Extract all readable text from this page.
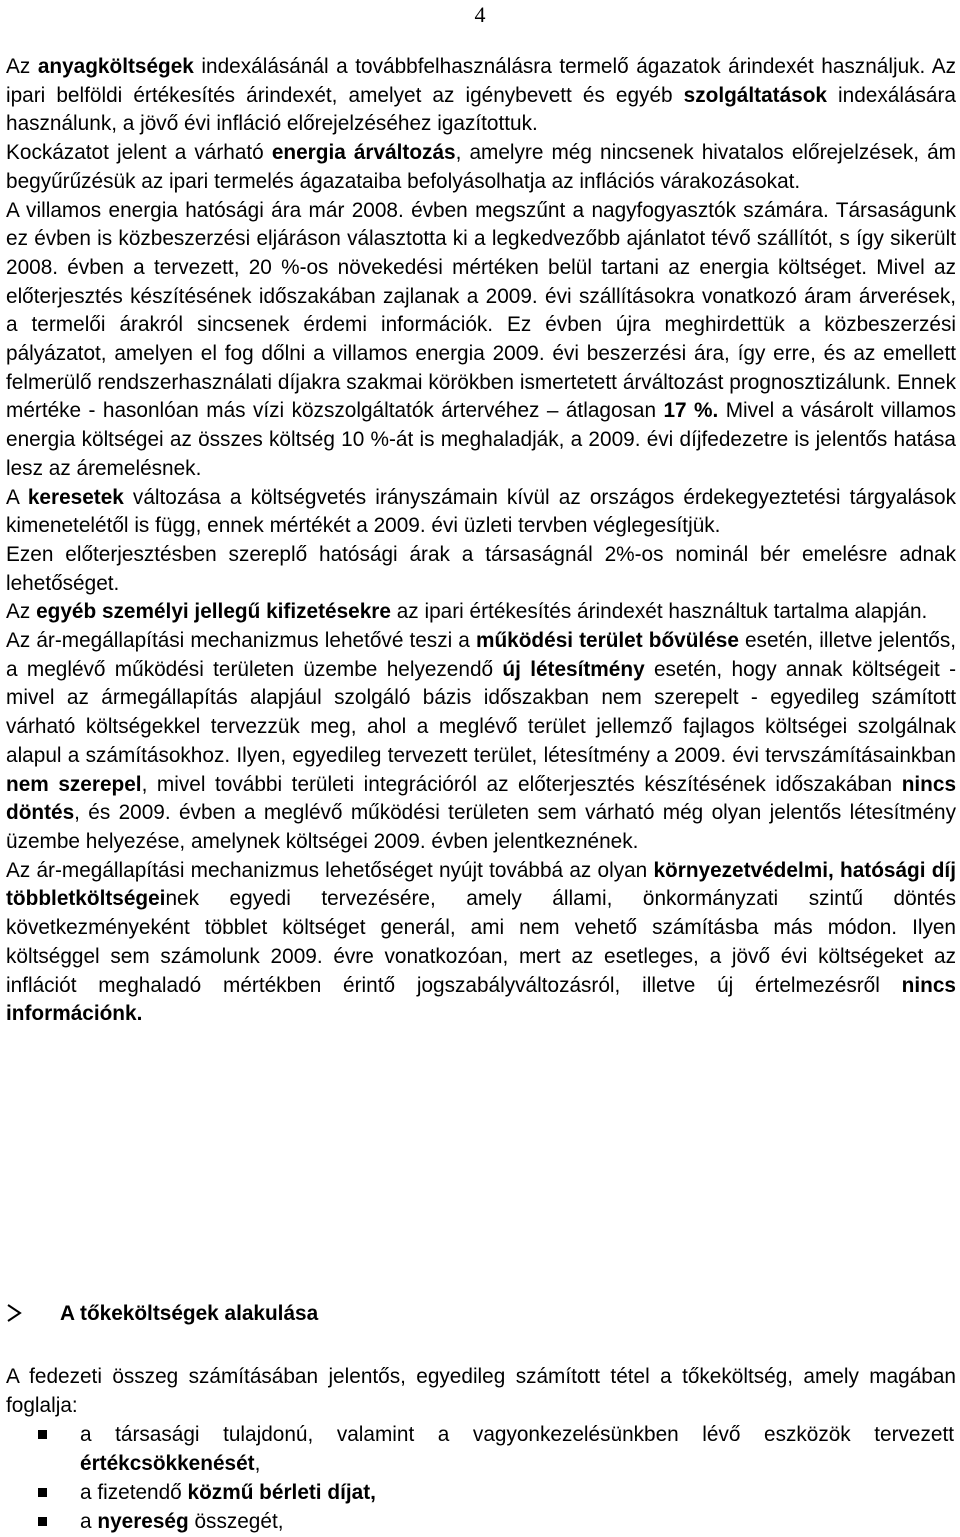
4

Az anyagköltségek indexálásánál a továbbfelhasználásra termelő ágazatok árindexét használjuk. Az ipari belföldi értékesítés árindexét, amelyet az igénybevett és egyéb szolgáltatások indexálására használunk, a jövő évi infláció előrejelzéséhez igazítottuk.

Kockázatot jelent a várható energia árváltozás, amelyre még nincsenek hivatalos előrejelzések, ám begyűrűzésük az ipari termelés ágazataiba befolyásolhatja az inflációs várakozásokat.

A villamos energia hatósági ára már 2008. évben megszűnt a nagyfogyasztók számára. Társaságunk ez évben is közbeszerzési eljáráson választotta ki a legkedvezőbb ajánlatot tévő szállítót, s így sikerült 2008. évben a tervezett, 20 %-os növekedési mértéken belül tartani az energia költséget. Mivel az előterjesztés készítésének időszakában zajlanak a 2009. évi szállításokra vonatkozó áram árverések, a termelői árakról sincsenek érdemi információk. Ez évben újra meghirdettük a közbeszerzési pályázatot, amelyen el fog dőlni a villamos energia 2009. évi beszerzési ára, így erre, és az emellett felmerülő rendszerhasználati díjakra szakmai körökben ismertetett árváltozást prognosztizálunk. Ennek mértéke - hasonlóan más vízi közszolgáltatók ártervéhez – átlagosan 17 %. Mivel a vásárolt villamos energia költségei az összes költség 10 %-át is meghaladják, a 2009. évi díjfedezetre is jelentős hatása lesz az áremelésnek.

A keresetek változása a költségvetés irányszámain kívül az országos érdekegyeztetési tárgyalások kimenetelétől is függ, ennek mértékét a 2009. évi üzleti tervben véglegesítjük.

Ezen előterjesztésben szereplő hatósági árak a társaságnál 2%-os nominál bér emelésre adnak lehetőséget.

Az egyéb személyi jellegű kifizetésekre az ipari értékesítés árindexét használtuk tartalma alapján.

Az ár-megállapítási mechanizmus lehetővé teszi a működési terület bővülése esetén, illetve jelentős, a meglévő működési területen üzembe helyezendő új létesítmény esetén, hogy annak költségeit - mivel az ármegállapítás alapjául szolgáló bázis időszakban nem szerepelt - egyedileg számított várható költségekkel tervezzük meg, ahol a meglévő terület jellemző fajlagos költségei szolgálnak alapul a számításokhoz. Ilyen, egyedileg tervezett terület, létesítmény a 2009. évi tervszámításainkban nem szerepel, mivel további területi integrációról az előterjesztés készítésének időszakában nincs döntés, és 2009. évben a meglévő működési területen sem várható még olyan jelentős létesítmény üzembe helyezése, amelynek költségei 2009. évben jelentkeznének.

Az ár-megállapítási mechanizmus lehetőséget nyújt továbbá az olyan környezetvédelmi, hatósági díj többletköltségeinek egyedi tervezésére, amely állami, önkormányzati szintű döntés következményeként többlet költséget generál, ami nem vehető számításba más módon. Ilyen költséggel sem számolunk 2009. évre vonatkozóan, mert az esetleges, a jövő évi költségeket az inflációt meghaladó mértékben érintő jogszabályváltozásról, illetve új értelmezésről nincs információnk.

A tőkeköltségek alakulása
A fedezeti összeg számításában jelentős, egyedileg számított tétel a tőkeköltség, amely magában foglalja:
a társasági tulajdonú, valamint a vagyonkezelésünkben lévő eszközök tervezett értékcsökkenését,
a fizetendő közmű bérleti díjat,
a nyereség összegét,
